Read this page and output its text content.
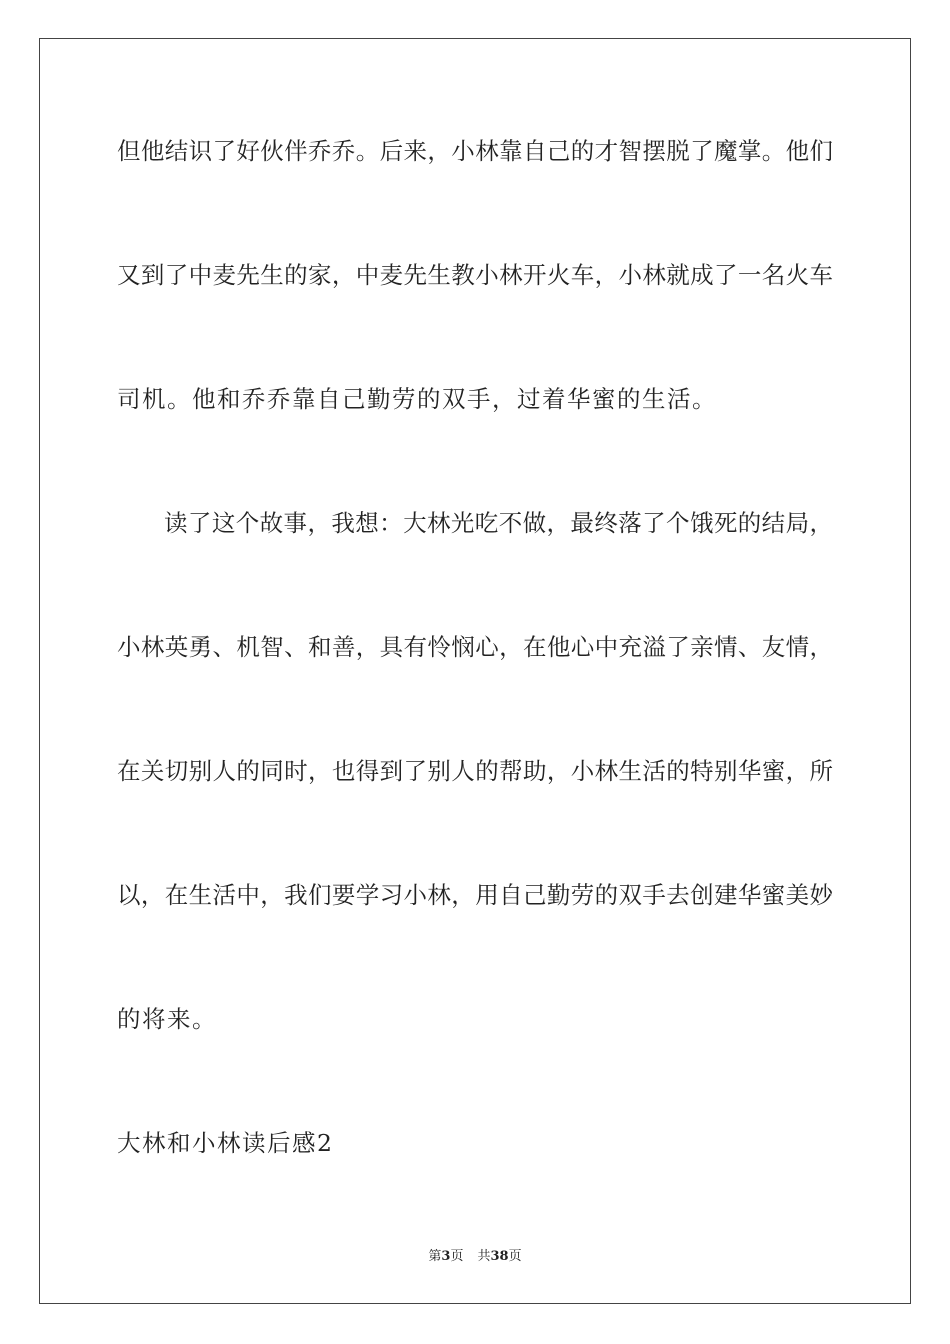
但他结识了好伙伴乔乔。后来，小林靠自己的才智摆脱了魔掌。他们
又到了中麦先生的家，中麦先生教小林开火车，小林就成了一名火车
司机。他和乔乔靠自己勤劳的双手，过着华蜜的生活。
读了这个故事，我想：大林光吃不做，最终落了个饿死的结局，
小林英勇、机智、和善，具有怜悯心，在他心中充溢了亲情、友情，
在关切别人的同时，也得到了别人的帮助，小林生活的特别华蜜，所
以，在生活中，我们要学习小林，用自己勤劳的双手去创建华蜜美妙
的将来。
大林和小林读后感2
第3页 共38页
